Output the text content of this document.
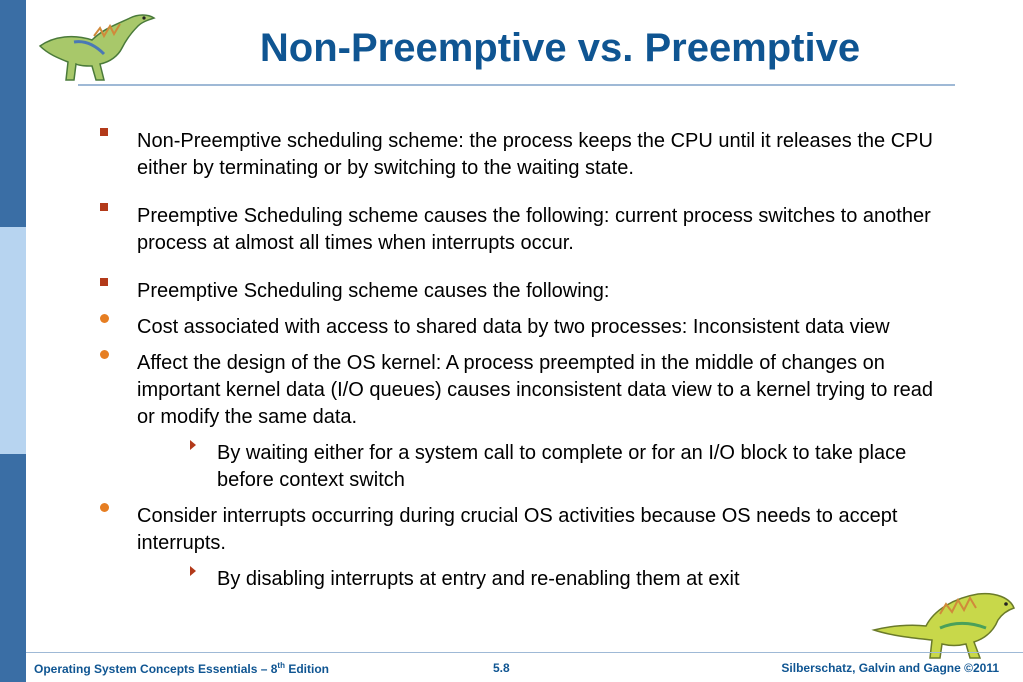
Non-Preemptive vs. Preemptive
Non-Preemptive scheduling scheme: the process keeps the CPU until it releases the CPU either by terminating or by switching to the waiting state.
Preemptive Scheduling scheme causes the following: current process switches to another process at almost all times when interrupts occur.
Preemptive Scheduling scheme causes the following:
Cost associated with access to shared data by two processes: Inconsistent data view
Affect the design of the OS kernel: A process preempted in the middle of changes on important kernel data (I/O queues) causes inconsistent data view to a kernel trying to read or modify the same data.
By waiting either for a system call to complete or for an I/O block to take place before context switch
Consider interrupts occurring during crucial OS activities because OS needs to accept interrupts.
By disabling interrupts at entry and re-enabling them at exit
Operating System Concepts Essentials – 8th Edition	5.8	Silberschatz, Galvin and Gagne ©2011
